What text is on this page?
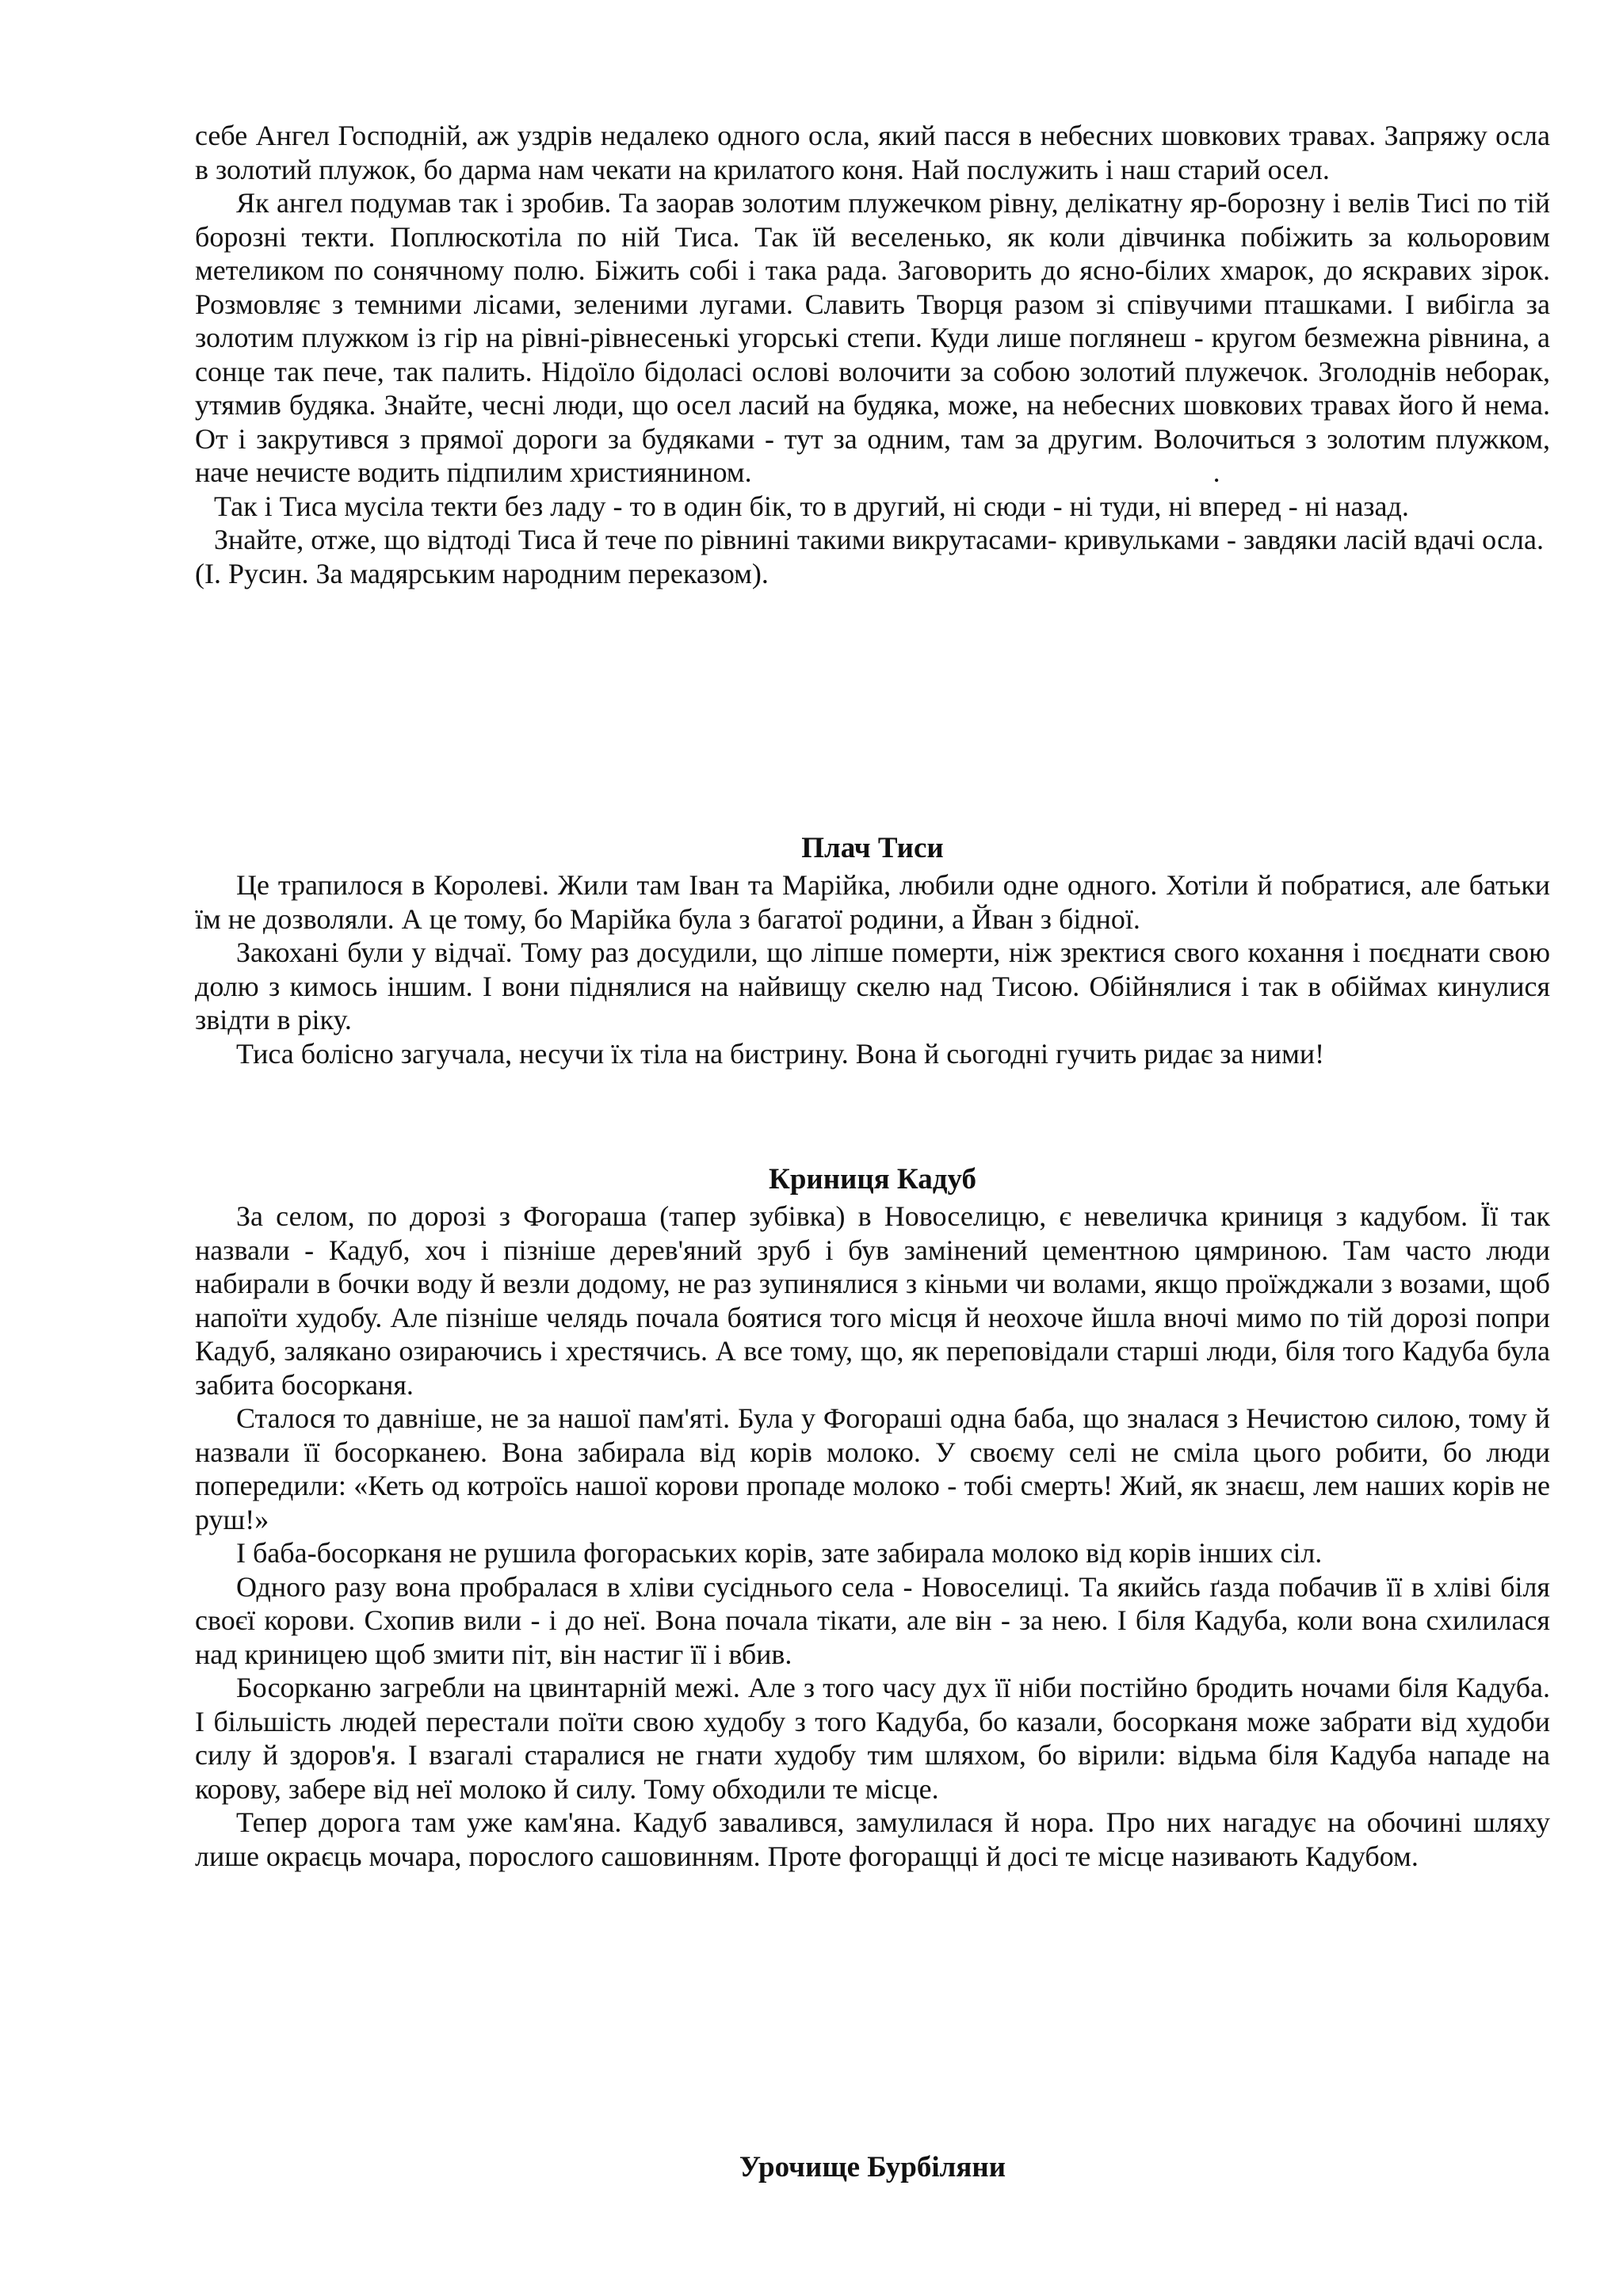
себе Ангел Господній, аж уздрів недалеко одного осла, який пасся в небесних шовкових травах. Запряжу осла в золотий плужок, бо дарма нам чекати на крилатого коня. Най послужить і наш старий осел.

Як ангел подумав так і зробив. Та заорав золотим плужечком рівну, делікатну яр-борозну і велів Тисі по тій борозні текти. Поплюскотіла по ній Тиса. Так їй веселенько, як коли дівчинка побіжить за кольоровим метеликом по сонячному полю. Біжить собі і така рада. Заговорить до ясно-білих хмарок, до яскравих зірок. Розмовляє з темними лісами, зеленими лугами. Славить Творця разом зі співучими пташками. І вибігла за золотим плужком із гір на рівні-рівнесенькі угорські степи. Куди лише поглянеш - кругом безмежна рівнина, а сонце так пече, так палить. Нідоїло бідоласі ослові волочити за собою золотий плужечок. Зголоднів неборак, утямив будяка. Знайте, чесні люди, що осел ласий на будяка, може, на небесних шовкових травах його й нема. От і закрутився з прямої дороги за будяками - тут за одним, там за другим. Волочиться з золотим плужком, наче нечисте водить підпилим християнином.	.

Так і Тиса мусіла текти без ладу - то в один бік, то в другий, ні сюди - ні туди, ні вперед - ні назад.

Знайте, отже, що відтоді Тиса й тече по рівнині такими викрутасами- кривульками - завдяки ласій вдачі осла.

(І. Русин. За мадярським народним переказом).

Плач Тиси

Це трапилося в Королеві. Жили там Іван та Марійка, любили одне одного. Хотіли й побратися, але батьки їм не дозволяли. А це тому, бо Марійка була з багатої родини, а Йван з бідної.

Закохані були у відчаї. Тому раз досудили, що ліпше померти, ніж зректися свого кохання і поєднати свою долю з кимось іншим. І вони піднялися на найвищу скелю над Тисою. Обійнялися і так в обіймах кинулися звідти в ріку.

Тиса болісно загучала, несучи їх тіла на бистрину. Вона й сьогодні гучить ридає за ними!

Криниця Кадуб

За селом, по дорозі з Фогораша (тапер зубівка) в Новоселицю, є невеличка криниця з кадубом. Її так назвали - Кадуб, хоч і пізніше дерев'яний зруб і був замінений цементною цямриною. Там часто люди набирали в бочки воду й везли додому, не раз зупинялися з кіньми чи волами, якщо проїжджали з возами, щоб напоїти худобу. Але пізніше челядь почала боятися того місця й неохоче йшла вночі мимо по тій дорозі попри Кадуб, залякано озираючись і хрестячись. А все тому, що, як переповідали старші люди, біля того Кадуба була забита босорканя.

Сталося то давніше, не за нашої пам'яті. Була у Фогораші одна баба, що зналася з Нечистою силою, тому й назвали її босорканею. Вона забирала від корів молоко. У своєму селі не сміла цього робити, бо люди попередили: «Кеть од котроїсь нашої корови пропаде молоко - тобі смерть! Жий, як знаєш, лем наших корів не руш!»

І баба-босорканя не рушила фогораських корів, зате забирала молоко від корів інших сіл.

Одного разу вона пробралася в хліви сусіднього села - Новоселиці. Та якийсь ґазда побачив її в хліві біля своєї корови. Схопив вили - і до неї. Вона почала тікати, але він - за нею. І біля Кадуба, коли вона схилилася над криницею щоб змити піт, він настиг її і вбив.

Босорканю загребли на цвинтарній межі. Але з того часу дух її ніби постійно бродить ночами біля Кадуба. І більшість людей перестали поїти свою худобу з того Кадуба, бо казали, босорканя може забрати від худоби силу й здоров'я. І взагалі старалися не гнати худобу тим шляхом, бо вірили: відьма біля Кадуба нападе на корову, забере від неї молоко й силу. Тому обходили те місце.

Тепер дорога там уже кам'яна. Кадуб завалився, замулилася й нора. Про них нагадує на обочині шляху лише окраєць мочара, порослого сашовинням. Проте фогоращці й досі те місце називають Кадубом.

Урочище Бурбіляни
